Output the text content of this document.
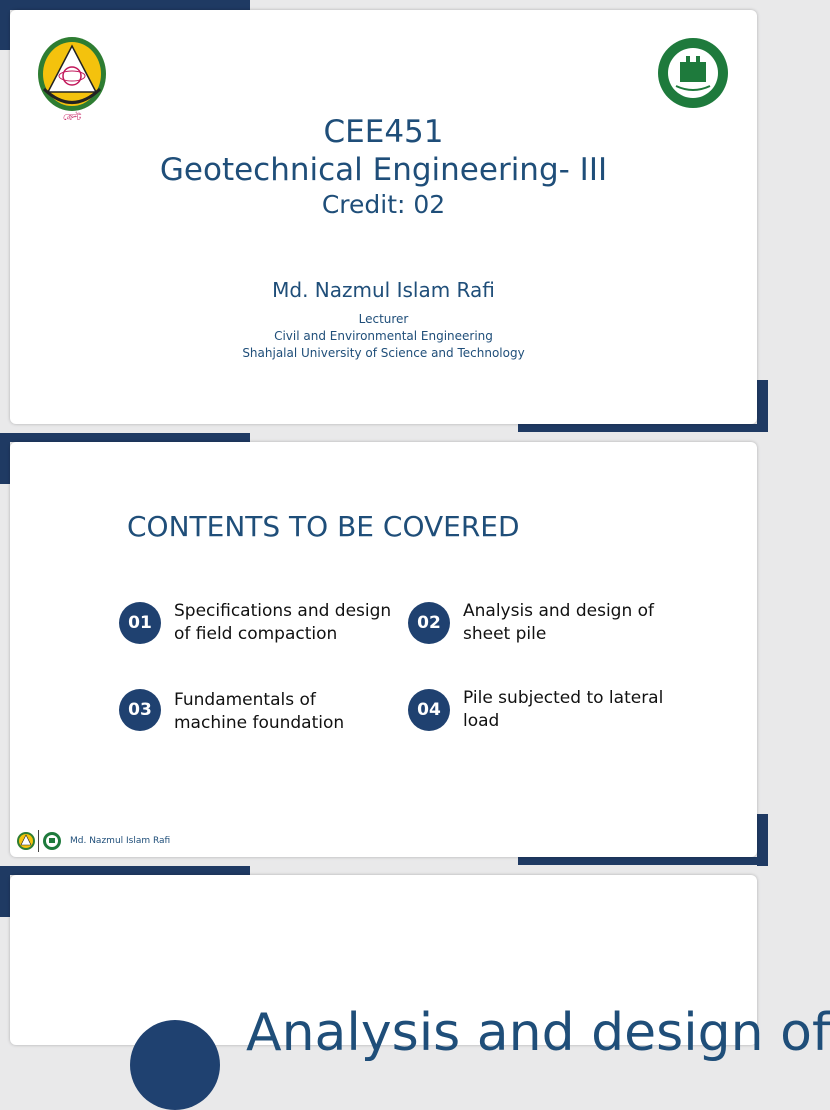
ক্রেন্ট	CEE451
Geotechnical Engineering- III
Credit: 02
Md. Nazmul Islam Rafi
Lecturer
Civil and Environmental Engineering
Shahjalal University of Science and Technology
CONTENTS TO BE COVERED
01
Specifications and design of field compaction
02
Analysis and design of sheet pile
03	Fundamentals of machine foundation
04
Pile subjected to lateral load
Md. Nazmul Islam Rafi
Analysis and design of
